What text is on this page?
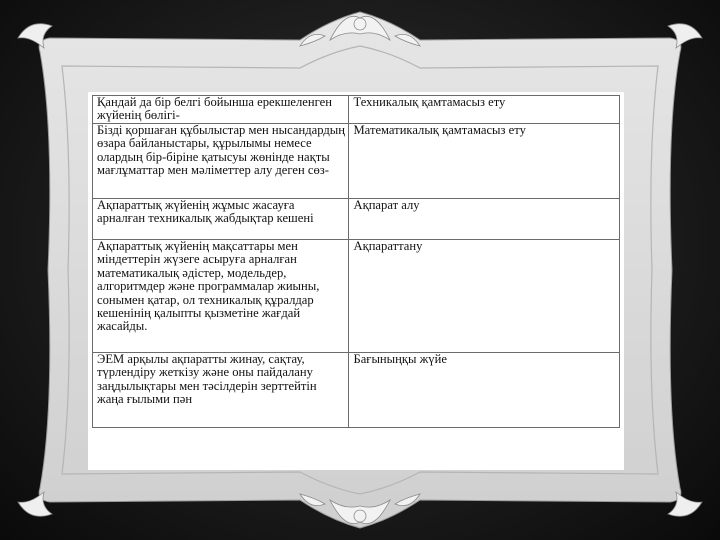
Қандай да бір белгі бойынша ерекшеленген жүйенің бөлігі-	Техникалық қамтамасыз ету
Бізді қоршаған құбылыстар мен нысандардың өзара байланыстары, құрылымы немесе олардың бір-біріне қатысуы жөнінде нақты мағлұматтар мен мәліметтер алу деген сөз-	Математикалық қамтамасыз ету
Ақпараттық жүйенің жұмыс жасауға арналған техникалық жабдықтар кешені	Ақпарат алу
Ақпараттық жүйенің мақсаттары мен міндеттерін жүзеге асыруға арналған математикалық әдістер, модельдер, алгоритмдер және программалар жиыны, сонымен қатар, ол техникалық құралдар кешенінің қалыпты қызметіне жағдай жасайды.	Ақпараттану
ЭЕМ арқылы ақпаратты жинау, сақтау, түрлендіру жеткізу және оны пайдалану заңдылықтары мен тәсілдерін зерттейтін жаңа ғылыми пән	Бағыныңқы жүйе
